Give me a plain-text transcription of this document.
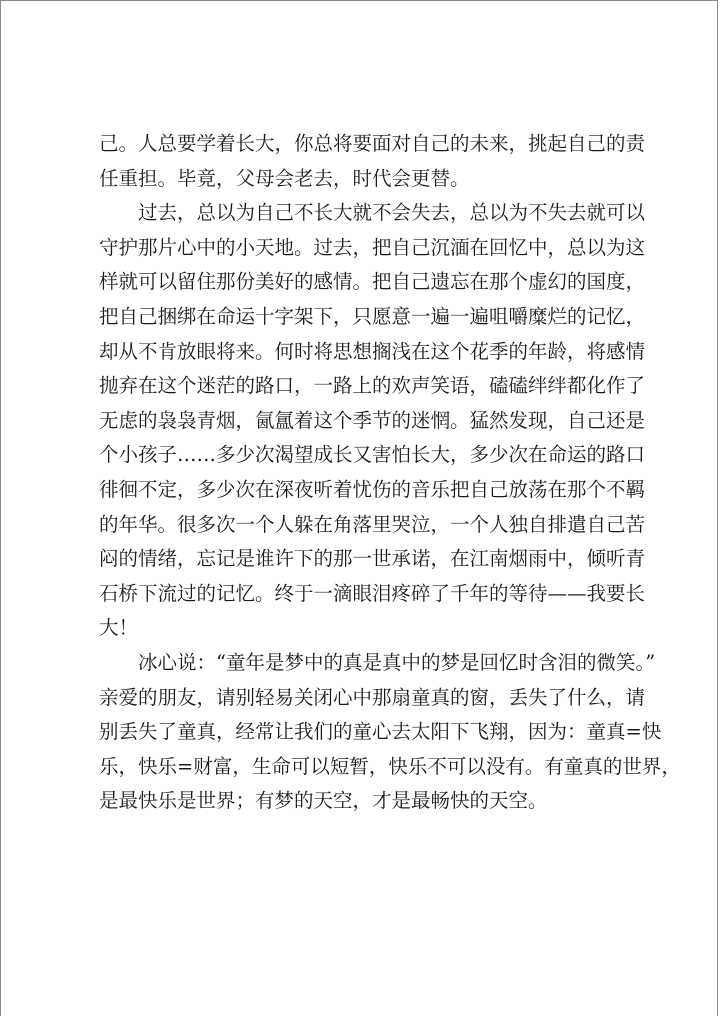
己。人总要学着长大，你总将要面对自己的未来，挑起自己的责
任重担。毕竟，父母会老去，时代会更替。
过去，总以为自己不长大就不会失去，总以为不失去就可以
守护那片心中的小天地。过去，把自己沉湎在回忆中，总以为这
样就可以留住那份美好的感情。把自己遗忘在那个虚幻的国度，
把自己捆绑在命运十字架下，只愿意一遍一遍咀嚼糜烂的记忆，
却从不肯放眼将来。何时将思想搁浅在这个花季的年龄，将感情
抛弃在这个迷茫的路口，一路上的欢声笑语，磕磕绊绊都化作了
无虑的袅袅青烟，氤氲着这个季节的迷惘。猛然发现，自己还是
个小孩子……多少次渴望成长又害怕长大，多少次在命运的路口
徘徊不定，多少次在深夜听着忧伤的音乐把自己放荡在那个不羁
的年华。很多次一个人躲在角落里哭泣，一个人独自排遣自己苦
闷的情绪，忘记是谁许下的那一世承诺，在江南烟雨中，倾听青
石桥下流过的记忆。终于一滴眼泪疼碎了千年的等待——我要长
大！
冰心说：“童年是梦中的真是真中的梦是回忆时含泪的微笑。”
亲爱的朋友，请别轻易关闭心中那扇童真的窗，丢失了什么，请
别丢失了童真，经常让我们的童心去太阳下飞翔，因为：童真=快
乐，快乐=财富，生命可以短暂，快乐不可以没有。有童真的世界，
是最快乐是世界；有梦的天空，才是最畅快的天空。
